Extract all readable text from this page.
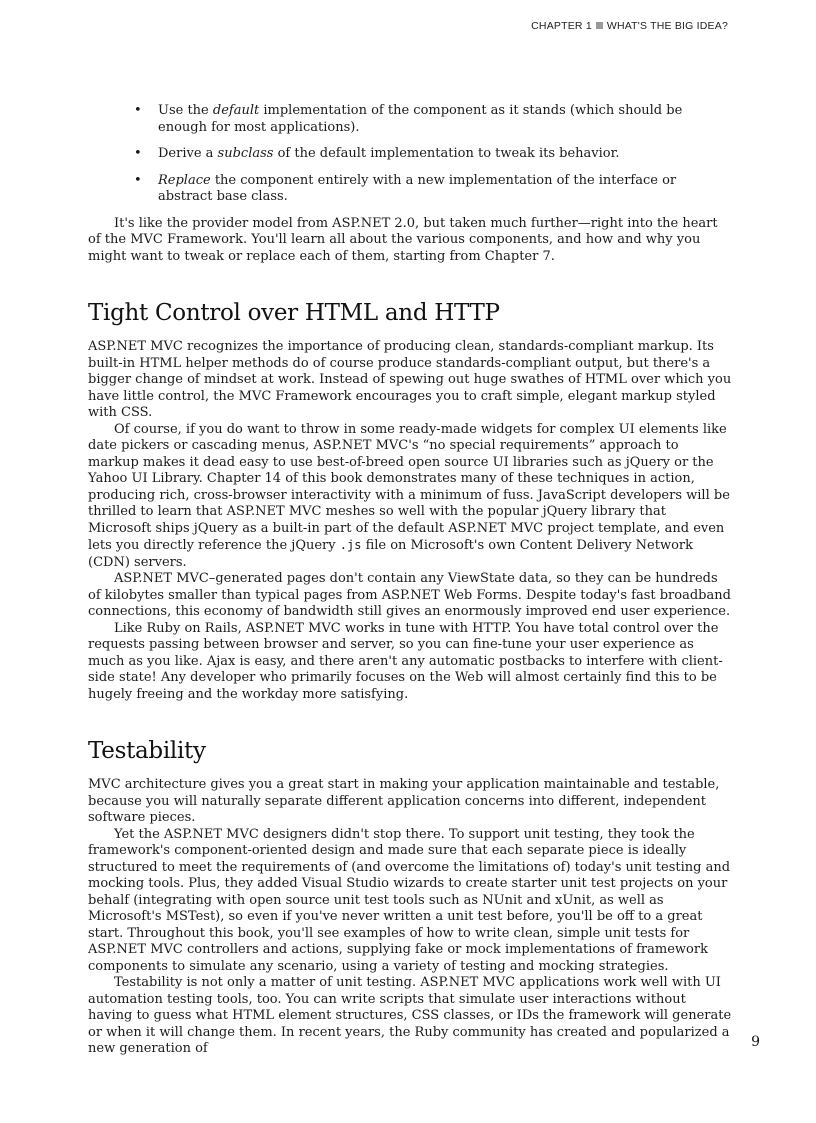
CHAPTER 1 WHAT'S THE BIG IDEA?
• Use the default implementation of the component as it stands (which should be enough for most applications).
• Derive a subclass of the default implementation to tweak its behavior.
• Replace the component entirely with a new implementation of the interface or abstract base class.

It's like the provider model from ASP.NET 2.0, but taken much further—right into the heart of the MVC Framework. You'll learn all about the various components, and how and why you might want to tweak or replace each of them, starting from Chapter 7.

Tight Control over HTML and HTTP

ASP.NET MVC recognizes the importance of producing clean, standards-compliant markup. Its built-in HTML helper methods do of course produce standards-compliant output, but there's a bigger change of mindset at work. Instead of spewing out huge swathes of HTML over which you have little control, the MVC Framework encourages you to craft simple, elegant markup styled with CSS.

Of course, if you do want to throw in some ready-made widgets for complex UI elements like date pickers or cascading menus, ASP.NET MVC's “no special requirements” approach to markup makes it dead easy to use best-of-breed open source UI libraries such as jQuery or the Yahoo UI Library. Chapter 14 of this book demonstrates many of these techniques in action, producing rich, cross-browser interactivity with a minimum of fuss. JavaScript developers will be thrilled to learn that ASP.NET MVC meshes so well with the popular jQuery library that Microsoft ships jQuery as a built-in part of the default ASP.NET MVC project template, and even lets you directly reference the jQuery .js file on Microsoft's own Content Delivery Network (CDN) servers.

ASP.NET MVC–generated pages don't contain any ViewState data, so they can be hundreds of kilobytes smaller than typical pages from ASP.NET Web Forms. Despite today's fast broadband connections, this economy of bandwidth still gives an enormously improved end user experience.

Like Ruby on Rails, ASP.NET MVC works in tune with HTTP. You have total control over the requests passing between browser and server, so you can fine-tune your user experience as much as you like. Ajax is easy, and there aren't any automatic postbacks to interfere with client-side state! Any developer who primarily focuses on the Web will almost certainly find this to be hugely freeing and the workday more satisfying.

Testability

MVC architecture gives you a great start in making your application maintainable and testable, because you will naturally separate different application concerns into different, independent software pieces.

Yet the ASP.NET MVC designers didn't stop there. To support unit testing, they took the framework's component-oriented design and made sure that each separate piece is ideally structured to meet the requirements of (and overcome the limitations of) today's unit testing and mocking tools. Plus, they added Visual Studio wizards to create starter unit test projects on your behalf (integrating with open source unit test tools such as NUnit and xUnit, as well as Microsoft's MSTest), so even if you've never written a unit test before, you'll be off to a great start. Throughout this book, you'll see examples of how to write clean, simple unit tests for ASP.NET MVC controllers and actions, supplying fake or mock implementations of framework components to simulate any scenario, using a variety of testing and mocking strategies.

Testability is not only a matter of unit testing. ASP.NET MVC applications work well with UI automation testing tools, too. You can write scripts that simulate user interactions without having to guess what HTML element structures, CSS classes, or IDs the framework will generate or when it will change them. In recent years, the Ruby community has created and popularized a new generation of	9
